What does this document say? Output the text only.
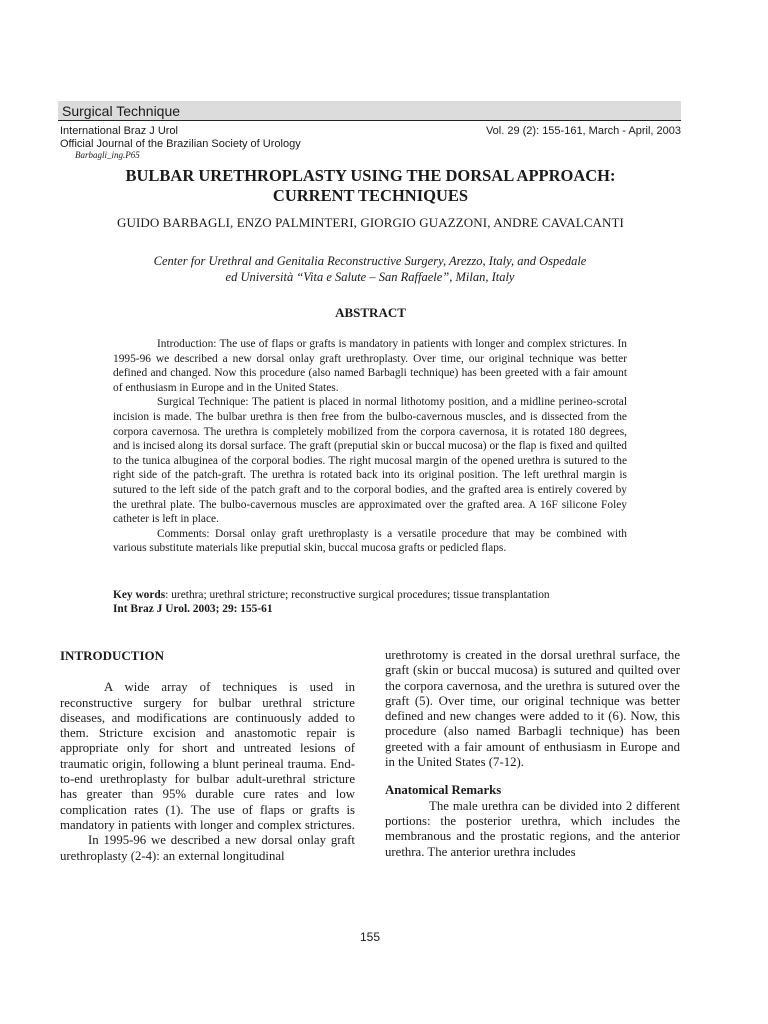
Surgical Technique
International Braz J Urol	Vol. 29 (2): 155-161, March - April, 2003
Official Journal of the Brazilian Society of Urology
Barbagli_ing.P65
BULBAR URETHROPLASTY USING THE DORSAL APPROACH:
CURRENT TECHNIQUES
GUIDO BARBAGLI, ENZO PALMINTERI, GIORGIO GUAZZONI, ANDRE CAVALCANTI
Center for Urethral and Genitalia Reconstructive Surgery, Arezzo, Italy, and Ospedale
ed Università “Vita e Salute – San Raffaele”, Milan, Italy
ABSTRACT

Introduction: The use of flaps or grafts is mandatory in patients with longer and complex strictures. In 1995-96 we described a new dorsal onlay graft urethroplasty. Over time, our original technique was better defined and changed. Now this procedure (also named Barbagli technique) has been greeted with a fair amount of enthusiasm in Europe and in the United States.

Surgical Technique: The patient is placed in normal lithotomy position, and a midline perineo-scrotal incision is made. The bulbar urethra is then free from the bulbo-cavernous muscles, and is dissected from the corpora cavernosa. The urethra is completely mobilized from the corpora cavernosa, it is rotated 180 degrees, and is incised along its dorsal surface. The graft (preputial skin or buccal mucosa) or the flap is fixed and quilted to the tunica albuginea of the corporal bodies. The right mucosal margin of the opened urethra is sutured to the right side of the patch-graft. The urethra is rotated back into its original position. The left urethral margin is sutured to the left side of the patch graft and to the corporal bodies, and the grafted area is entirely covered by the urethral plate. The bulbo-cavernous muscles are approximated over the grafted area. A 16F silicone Foley catheter is left in place.

Comments: Dorsal onlay graft urethroplasty is a versatile procedure that may be combined with various substitute materials like preputial skin, buccal mucosa grafts or pedicled flaps.

Key words: urethra; urethral stricture; reconstructive surgical procedures; tissue transplantation
Int Braz J Urol. 2003; 29: 155-61
INTRODUCTION

A wide array of techniques is used in reconstructive surgery for bulbar urethral stricture diseases, and modifications are continuously added to them. Stricture excision and anastomotic repair is appropriate only for short and untreated lesions of traumatic origin, following a blunt perineal trauma. End-to-end urethroplasty for bulbar adult-urethral stricture has greater than 95% durable cure rates and low complication rates (1). The use of flaps or grafts is mandatory in patients with longer and complex strictures.

In 1995-96 we described a new dorsal onlay graft urethroplasty (2-4): an external longitudinal

urethrotomy is created in the dorsal urethral surface, the graft (skin or buccal mucosa) is sutured and quilted over the corpora cavernosa, and the urethra is sutured over the graft (5). Over time, our original technique was better defined and new changes were added to it (6). Now, this procedure (also named Barbagli technique) has been greeted with a fair amount of enthusiasm in Europe and in the United States (7-12).

Anatomical Remarks

The male urethra can be divided into 2 different portions: the posterior urethra, which includes the membranous and the prostatic regions, and the anterior urethra. The anterior urethra includes

155
